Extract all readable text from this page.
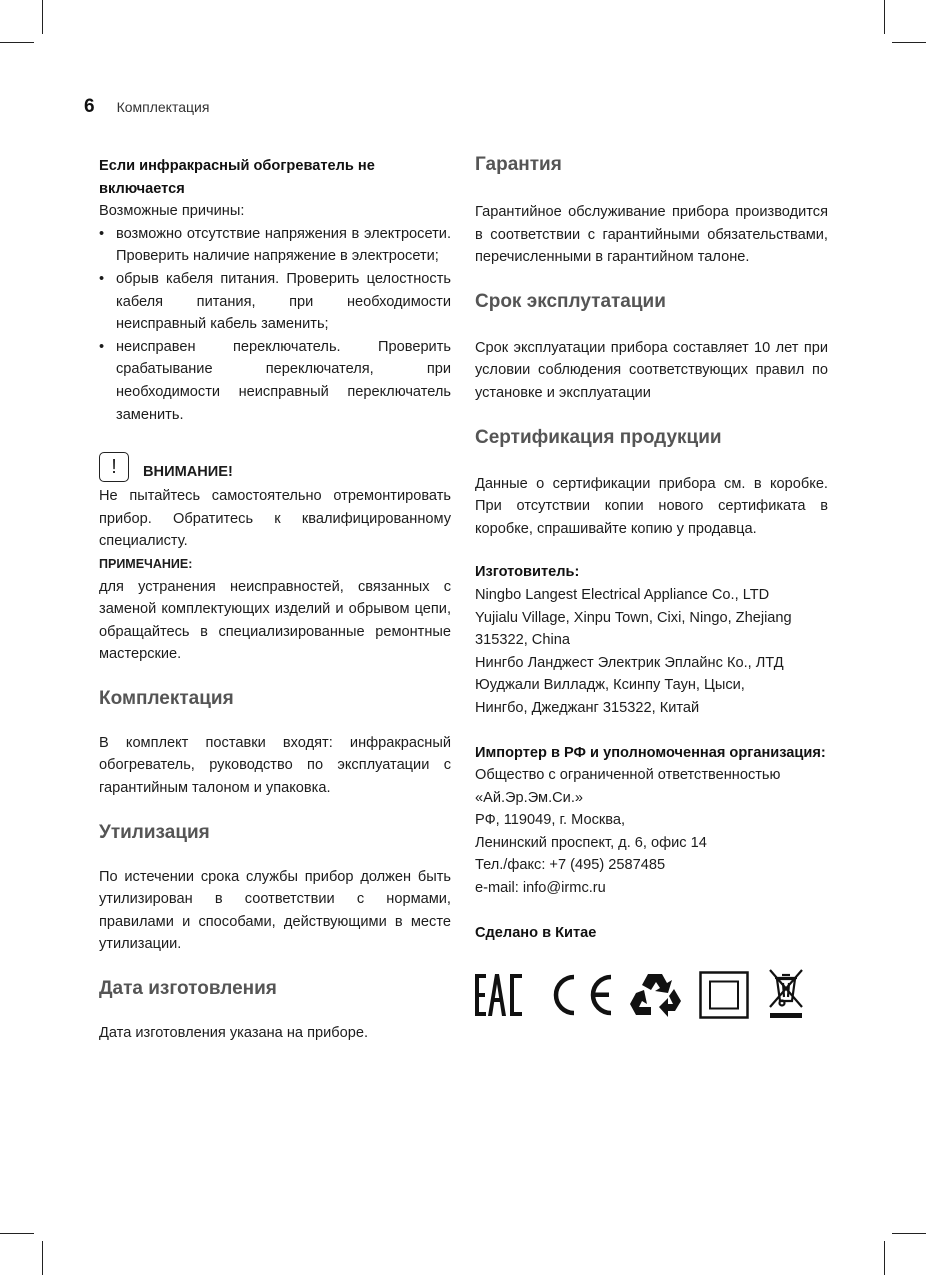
6 Комплектация
Если инфракрасный обогреватель не включается

Возможные причины:

• возможно отсутствие напряжения в электросети. Проверить наличие напряжение в электросети;
• обрыв кабеля питания. Проверить целостность кабеля питания, при необходимости неисправный кабель заменить;
• неисправен переключатель. Проверить срабатывание переключателя, при необходимости неисправный переключатель заменить.
!	ВНИМАНИЕ!

Не пытайтесь самостоятельно отремонтировать прибор. Обратитесь к квалифицированному специалисту.

ПРИМЕЧАНИЕ:

для устранения неисправностей, связанных с заменой комплектующих изделий и обрывом цепи, обращайтесь в специализированные ремонтные мастерские.

Комплектация

В комплект поставки входят: инфракрасный обогреватель, руководство по эксплуатации с гарантийным талоном и упаковка.

Утилизация

По истечении срока службы прибор должен быть утилизирован в соответствии с нормами, правилами и способами, действующими в месте утилизации.

Дата изготовления

Дата изготовления указана на приборе.

Гарантия

Гарантийное обслуживание прибора производится в соответствии с гарантийными обязательствами, перечисленными в гарантийном талоне.

Срок эксплутатации

Срок эксплуатации прибора составляет 10 лет при условии соблюдения соответствующих правил по установке и эксплуатации

Сертификация продукции

Данные о сертификации прибора см. в коробке. При отсутствии копии нового сертификата в коробке, спрашивайте копию у продавца.

Изготовитель:
Ningbo Langest Electrical Appliance Co., LTD
Yujialu Village, Xinpu Town, Cixi, Ningo, Zhejiang
315322, China
Нингбо Ланджест Электрик Эплайнс Ко., ЛТД
Юуджали Вилладж, Ксинпу Таун, Цыси,
Нингбо, Джеджанг 315322, Китай
Импортер в РФ и уполномоченная организация:
Общество с ограниченной ответственностью
«Ай.Эр.Эм.Си.»
РФ, 119049, г. Москва,
Ленинский проспект, д. 6, офис 14
Тел./факс: +7 (495) 2587485
e-mail: info@irmc.ru
Сделано в Китае
